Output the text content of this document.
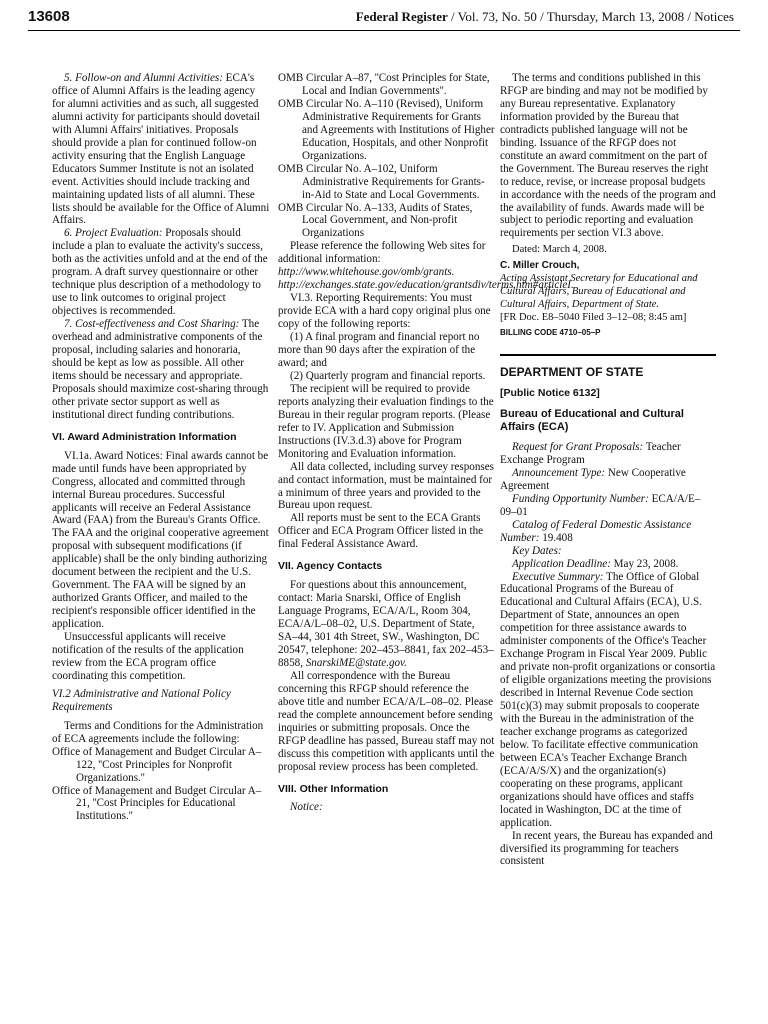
13608	Federal Register / Vol. 73, No. 50 / Thursday, March 13, 2008 / Notices

5. Follow-on and Alumni Activities: ECA's office of Alumni Affairs is the leading agency for alumni activities and as such, all suggested alumni activity for participants should dovetail with Alumni Affairs' initiatives. Proposals should provide a plan for continued follow-on activity ensuring that the English Language Educators Summer Institute is not an isolated event. Activities should include tracking and maintaining updated lists of all alumni. These lists should be available for the Office of Alumni Affairs.

6. Project Evaluation: Proposals should include a plan to evaluate the activity's success, both as the activities unfold and at the end of the program. A draft survey questionnaire or other technique plus description of a methodology to use to link outcomes to original project objectives is recommended.

7. Cost-effectiveness and Cost Sharing: The overhead and administrative components of the proposal, including salaries and honoraria, should be kept as low as possible. All other items should be necessary and appropriate. Proposals should maximize cost-sharing through other private sector support as well as institutional direct funding contributions.

VI. Award Administration Information

VI.1a. Award Notices: Final awards cannot be made until funds have been appropriated by Congress, allocated and committed through internal Bureau procedures. Successful applicants will receive an Federal Assistance Award (FAA) from the Bureau's Grants Office. The FAA and the original cooperative agreement proposal with subsequent modifications (if applicable) shall be the only binding authorizing document between the recipient and the U.S. Government. The FAA will be signed by an authorized Grants Officer, and mailed to the recipient's responsible officer identified in the application.

Unsuccessful applicants will receive notification of the results of the application review from the ECA program office coordinating this competition.

VI.2 Administrative and National Policy Requirements

Terms and Conditions for the Administration of ECA agreements include the following:

Office of Management and Budget Circular A–122, ''Cost Principles for Nonprofit Organizations.''

Office of Management and Budget Circular A–21, ''Cost Principles for Educational Institutions.''

OMB Circular A–87, ''Cost Principles for State, Local and Indian Governments''.

OMB Circular No. A–110 (Revised), Uniform Administrative Requirements for Grants and Agreements with Institutions of Higher Education, Hospitals, and other Nonprofit Organizations.

OMB Circular No. A–102, Uniform Administrative Requirements for Grants-in-Aid to State and Local Governments.

OMB Circular No. A–133, Audits of States, Local Government, and Non-profit Organizations

Please reference the following Web sites for additional information: http://www.whitehouse.gov/omb/grants. http://exchanges.state.gov/education/grantsdiv/terms.htm#articleI.

VI.3. Reporting Requirements: You must provide ECA with a hard copy original plus one copy of the following reports:

(1) A final program and financial report no more than 90 days after the expiration of the award; and

(2) Quarterly program and financial reports.

The recipient will be required to provide reports analyzing their evaluation findings to the Bureau in their regular program reports. (Please refer to IV. Application and Submission Instructions (IV.3.d.3) above for Program Monitoring and Evaluation information.

All data collected, including survey responses and contact information, must be maintained for a minimum of three years and provided to the Bureau upon request.

All reports must be sent to the ECA Grants Officer and ECA Program Officer listed in the final Federal Assistance Award.

VII. Agency Contacts

For questions about this announcement, contact: Maria Snarski, Office of English Language Programs, ECA/A/L, Room 304, ECA/A/L–08–02, U.S. Department of State, SA–44, 301 4th Street, SW., Washington, DC 20547, telephone: 202–453–8841, fax 202–453–8858, SnarskiME@state.gov.

All correspondence with the Bureau concerning this RFGP should reference the above title and number ECA/A/L–08–02. Please read the complete announcement before sending inquiries or submitting proposals. Once the RFGP deadline has passed, Bureau staff may not discuss this competition with applicants until the proposal review process has been completed.

VIII. Other Information

Notice:

The terms and conditions published in this RFGP are binding and may not be modified by any Bureau representative. Explanatory information provided by the Bureau that contradicts published language will not be binding. Issuance of the RFGP does not constitute an award commitment on the part of the Government. The Bureau reserves the right to reduce, revise, or increase proposal budgets in accordance with the needs of the program and the availability of funds. Awards made will be subject to periodic reporting and evaluation requirements per section VI.3 above.

Dated: March 4, 2008.

C. Miller Crouch,

Acting Assistant Secretary for Educational and Cultural Affairs, Bureau of Educational and Cultural Affairs, Department of State.

[FR Doc. E8–5040 Filed 3–12–08; 8:45 am]

BILLING CODE 4710–05–P

DEPARTMENT OF STATE

[Public Notice 6132]

Bureau of Educational and Cultural Affairs (ECA)

Request for Grant Proposals: Teacher Exchange Program

Announcement Type: New Cooperative Agreement

Funding Opportunity Number: ECA/A/E–09–01

Catalog of Federal Domestic Assistance Number: 19.408

Key Dates:

Application Deadline: May 23, 2008.

Executive Summary: The Office of Global Educational Programs of the Bureau of Educational and Cultural Affairs (ECA), U.S. Department of State, announces an open competition for three assistance awards to administer components of the Office's Teacher Exchange Program in Fiscal Year 2009. Public and private non-profit organizations or consortia of eligible organizations meeting the provisions described in Internal Revenue Code section 501(c)(3) may submit proposals to cooperate with the Bureau in the administration of the teacher exchange programs as categorized below. To facilitate effective communication between ECA's Teacher Exchange Branch (ECA/A/S/X) and the organization(s) cooperating on these programs, applicant organizations should have offices and staffs located in Washington, DC at the time of application.

In recent years, the Bureau has expanded and diversified its programming for teachers consistent
